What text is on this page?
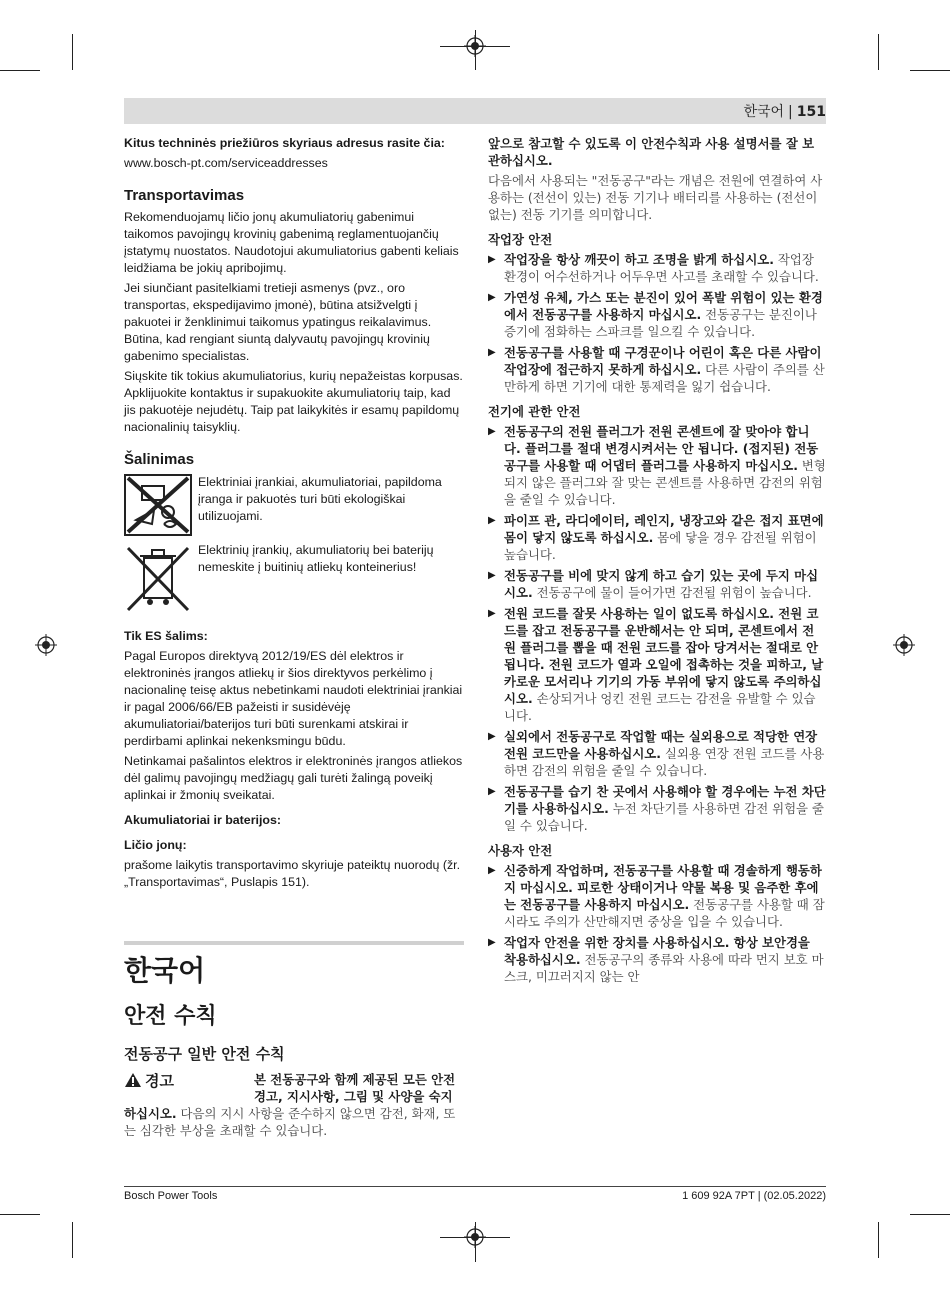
한국어 | 151

Kitus techninės priežiūros skyriaus adresus rasite čia:

www.bosch-pt.com/serviceaddresses

Transportavimas

Rekomenduojamų ličio jonų akumuliatorių gabenimui taikomos pavojingų krovinių gabenimą reglamentuojančių įstatymų nuostatos. Naudotojui akumuliatorius gabenti keliais leidžiama be jokių apribojimų.

Jei siunčiant pasitelkiami tretieji asmenys (pvz., oro transportas, ekspedijavimo įmonė), būtina atsižvelgti į pakuotei ir ženklinimui taikomus ypatingus reikalavimus. Būtina, kad rengiant siuntą dalyvautų pavojingų krovinių gabenimo specialistas.

Siųskite tik tokius akumuliatorius, kurių nepažeistas korpusas. Apklijuokite kontaktus ir supakuokite akumuliatorių taip, kad jis pakuotėje nejudėtų. Taip pat laikykitės ir esamų papildomų nacionalinių taisyklių.

Šalinimas
Elektriniai įrankiai, akumuliatoriai, papildoma įranga ir pakuotės turi būti ekologiškai utilizuojami.
Elektrinių įrankių, akumuliatorių bei baterijų nemeskite į buitinių atliekų konteinerius!
Tik ES šalims:

Pagal Europos direktyvą 2012/19/ES dėl elektros ir elektroninės įrangos atliekų ir šios direktyvos perkėlimo į nacionalinę teisę aktus nebetinkami naudoti elektriniai įrankiai ir pagal 2006/66/EB pažeisti ir susidėvėję akumuliatoriai/baterijos turi būti surenkami atskirai ir perdirbami aplinkai nekenksmingu būdu.

Netinkamai pašalintos elektros ir elektroninės įrangos atliekos dėl galimų pavojingų medžiagų gali turėti žalingą poveikį aplinkai ir žmonių sveikatai.

Akumuliatoriai ir baterijos:
Ličio jonų:

prašome laikytis transportavimo skyriuje pateiktų nuorodų (žr. „Transportavimas“, Puslapis 151).

한국어
안전 수칙
전동공구 일반 안전 수칙
경고	본 전동공구와 함께 제공된 모든 안전경고, 지시사항, 그림 및 사양을 숙지하십시오. 다음의 지시 사항을 준수하지 않으면 감전, 화재, 또는 심각한 부상을 초래할 수 있습니다.

앞으로 참고할 수 있도록 이 안전수칙과 사용 설명서를 잘 보관하십시오.

다음에서 사용되는 "전동공구"라는 개념은 전원에 연결하여 사용하는 (전선이 있는) 전동 기기나 배터리를 사용하는 (전선이 없는) 전동 기기를 의미합니다.

작업장 안전
▶ 작업장을 항상 깨끗이 하고 조명을 밝게 하십시오. 작업장 환경이 어수선하거나 어두우면 사고를 초래할 수 있습니다.
▶ 가연성 유체, 가스 또는 분진이 있어 폭발 위험이 있는 환경에서 전동공구를 사용하지 마십시오. 전동공구는 분진이나 증기에 점화하는 스파크를 일으킬 수 있습니다.
▶ 전동공구를 사용할 때 구경꾼이나 어린이 혹은 다른 사람이 작업장에 접근하지 못하게 하십시오. 다른 사람이 주의를 산만하게 하면 기기에 대한 통제력을 잃기 쉽습니다.
전기에 관한 안전
▶ 전동공구의 전원 플러그가 전원 콘센트에 잘 맞아야 합니다. 플러그를 절대 변경시켜서는 안 됩니다. (접지된) 전동공구를 사용할 때 어댑터 플러그를 사용하지 마십시오. 변형되지 않은 플러그와 잘 맞는 콘센트를 사용하면 감전의 위험을 줄일 수 있습니다.
▶ 파이프 관, 라디에이터, 레인지, 냉장고와 같은 접지 표면에 몸이 닿지 않도록 하십시오. 몸에 닿을 경우 감전될 위험이 높습니다.
▶ 전동공구를 비에 맞지 않게 하고 습기 있는 곳에 두지 마십시오. 전동공구에 물이 들어가면 감전될 위험이 높습니다.
▶ 전원 코드를 잘못 사용하는 일이 없도록 하십시오. 전원 코드를 잡고 전동공구를 운반해서는 안 되며, 콘센트에서 전원 플러그를 뽑을 때 전원 코드를 잡아 당겨서는 절대로 안 됩니다. 전원 코드가 열과 오일에 접촉하는 것을 피하고, 날카로운 모서리나 기기의 가동 부위에 닿지 않도록 주의하십시오. 손상되거나 엉킨 전원 코드는 감전을 유발할 수 있습니다.
▶ 실외에서 전동공구로 작업할 때는 실외용으로 적당한 연장 전원 코드만을 사용하십시오. 실외용 연장 전원 코드를 사용하면 감전의 위험을 줄일 수 있습니다.
▶ 전동공구를 습기 찬 곳에서 사용해야 할 경우에는 누전 차단기를 사용하십시오. 누전 차단기를 사용하면 감전 위험을 줄일 수 있습니다.
사용자 안전
▶ 신중하게 작업하며, 전동공구를 사용할 때 경솔하게 행동하지 마십시오. 피로한 상태이거나 약물 복용 및 음주한 후에는 전동공구를 사용하지 마십시오. 전동공구를 사용할 때 잠시라도 주의가 산만해지면 중상을 입을 수 있습니다.
▶ 작업자 안전을 위한 장치를 사용하십시오. 항상 보안경을 착용하십시오. 전동공구의 종류와 사용에 따라 먼지 보호 마스크, 미끄러지지 않는 안
Bosch Power Tools	1 609 92A 7PT | (02.05.2022)
